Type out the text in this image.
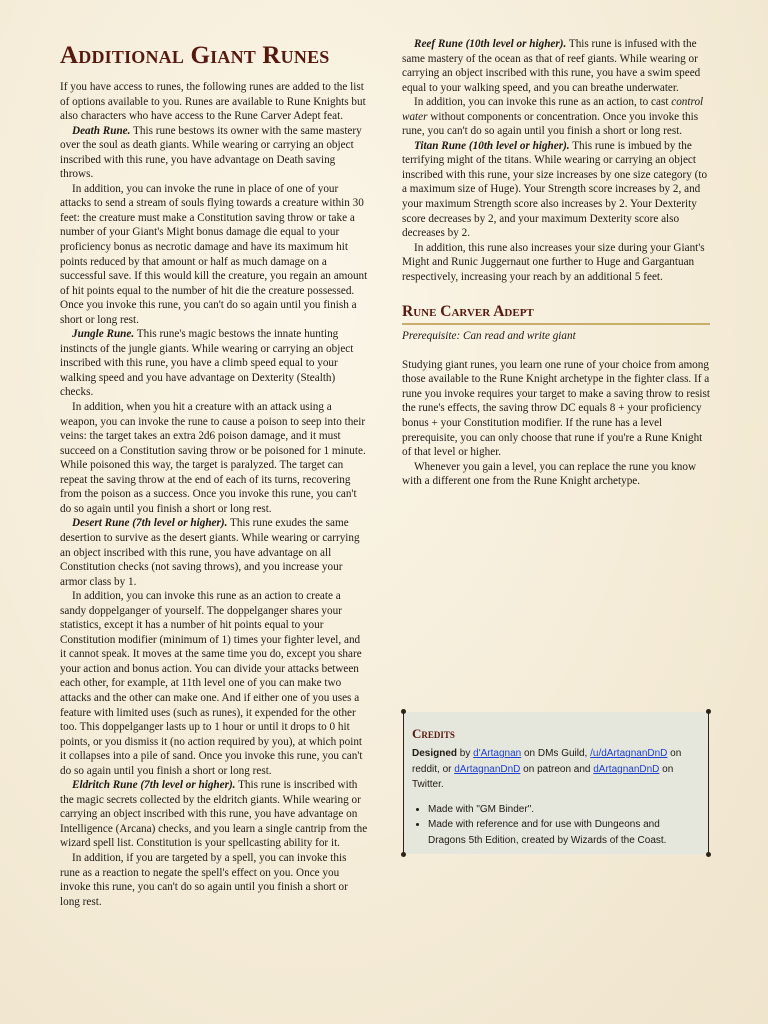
Additional Giant Runes

If you have access to runes, the following runes are added to the list of options available to you. Runes are available to Rune Knights but also characters who have access to the Rune Carver Adept feat.

Death Rune. This rune bestows its owner with the same mastery over the soul as death giants. While wearing or carrying an object inscribed with this rune, you have advantage on Death saving throws.

In addition, you can invoke the rune in place of one of your attacks to send a stream of souls flying towards a creature within 30 feet: the creature must make a Constitution saving throw or take a number of your Giant's Might bonus damage die equal to your proficiency bonus as necrotic damage and have its maximum hit points reduced by that amount or half as much damage on a successful save. If this would kill the creature, you regain an amount of hit points equal to the number of hit die the creature possessed. Once you invoke this rune, you can't do so again until you finish a short or long rest.

Jungle Rune. This rune's magic bestows the innate hunting instincts of the jungle giants. While wearing or carrying an object inscribed with this rune, you have a climb speed equal to your walking speed and you have advantage on Dexterity (Stealth) checks.

In addition, when you hit a creature with an attack using a weapon, you can invoke the rune to cause a poison to seep into their veins: the target takes an extra 2d6 poison damage, and it must succeed on a Constitution saving throw or be poisoned for 1 minute. While poisoned this way, the target is paralyzed. The target can repeat the saving throw at the end of each of its turns, recovering from the poison as a success. Once you invoke this rune, you can't do so again until you finish a short or long rest.

Desert Rune (7th level or higher). This rune exudes the same desertion to survive as the desert giants. While wearing or carrying an object inscribed with this rune, you have advantage on all Constitution checks (not saving throws), and you increase your armor class by 1.

In addition, you can invoke this rune as an action to create a sandy doppelganger of yourself. The doppelganger shares your statistics, except it has a number of hit points equal to your Constitution modifier (minimum of 1) times your fighter level, and it cannot speak. It moves at the same time you do, except you share your action and bonus action. You can divide your attacks between each other, for example, at 11th level one of you can make two attacks and the other can make one. And if either one of you uses a feature with limited uses (such as runes), it expended for the other too. This doppelganger lasts up to 1 hour or until it drops to 0 hit points, or you dismiss it (no action required by you), at which point it collapses into a pile of sand. Once you invoke this rune, you can't do so again until you finish a short or long rest.

Eldritch Rune (7th level or higher). This rune is inscribed with the magic secrets collected by the eldritch giants. While wearing or carrying an object inscribed with this rune, you have advantage on Intelligence (Arcana) checks, and you learn a single cantrip from the wizard spell list. Constitution is your spellcasting ability for it.

In addition, if you are targeted by a spell, you can invoke this rune as a reaction to negate the spell's effect on you. Once you invoke this rune, you can't do so again until you finish a short or long rest.

Reef Rune (10th level or higher). This rune is infused with the same mastery of the ocean as that of reef giants. While wearing or carrying an object inscribed with this rune, you have a swim speed equal to your walking speed, and you can breathe underwater.

In addition, you can invoke this rune as an action, to cast control water without components or concentration. Once you invoke this rune, you can't do so again until you finish a short or long rest.

Titan Rune (10th level or higher). This rune is imbued by the terrifying might of the titans. While wearing or carrying an object inscribed with this rune, your size increases by one size category (to a maximum size of Huge). Your Strength score increases by 2, and your maximum Strength score also increases by 2. Your Dexterity score decreases by 2, and your maximum Dexterity score also decreases by 2.

In addition, this rune also increases your size during your Giant's Might and Runic Juggernaut one further to Huge and Gargantuan respectively, increasing your reach by an additional 5 feet.

Rune Carver Adept

Prerequisite: Can read and write giant

Studying giant runes, you learn one rune of your choice from among those available to the Rune Knight archetype in the fighter class. If a rune you invoke requires your target to make a saving throw to resist the rune's effects, the saving throw DC equals 8 + your proficiency bonus + your Constitution modifier. If the rune has a level prerequisite, you can only choose that rune if you're a Rune Knight of that level or higher.

Whenever you gain a level, you can replace the rune you know with a different one from the Rune Knight archetype.

Credits
Designed by d'Artagnan on DMs Guild, /u/dArtagnanDnD on reddit, or dArtagnanDnD on patreon and dArtagnanDnD on Twitter.
• Made with "GM Binder".
• Made with reference and for use with Dungeons and Dragons 5th Edition, created by Wizards of the Coast.
